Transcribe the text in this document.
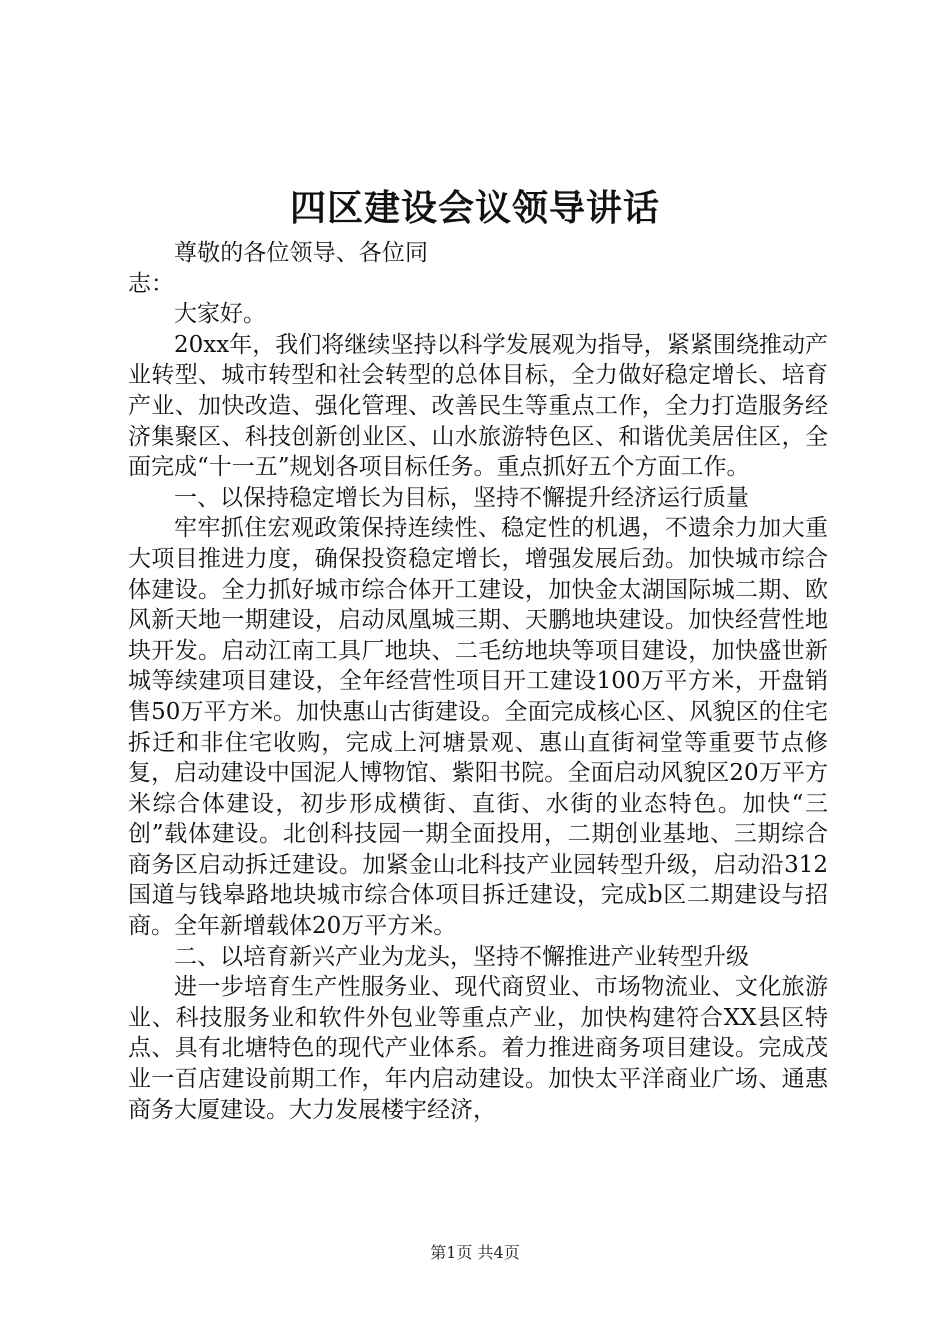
四区建设会议领导讲话

尊敬的各位领导、各位同志：

大家好。

20xx年，我们将继续坚持以科学发展观为指导，紧紧围绕推动产业转型、城市转型和社会转型的总体目标，全力做好稳定增长、培育产业、加快改造、强化管理、改善民生等重点工作，全力打造服务经济集聚区、科技创新创业区、山水旅游特色区、和谐优美居住区，全面完成“十一五”规划各项目标任务。重点抓好五个方面工作。

一、以保持稳定增长为目标，坚持不懈提升经济运行质量

牢牢抓住宏观政策保持连续性、稳定性的机遇，不遗余力加大重大项目推进力度，确保投资稳定增长，增强发展后劲。加快城市综合体建设。全力抓好城市综合体开工建设，加快金太湖国际城二期、欧风新天地一期建设，启动凤凰城三期、天鹏地块建设。加快经营性地块开发。启动江南工具厂地块、二毛纺地块等项目建设，加快盛世新城等续建项目建设，全年经营性项目开工建设100万平方米，开盘销售50万平方米。加快惠山古街建设。全面完成核心区、风貌区的住宅拆迁和非住宅收购，完成上河塘景观、惠山直街祠堂等重要节点修复，启动建设中国泥人博物馆、紫阳书院。全面启动风貌区20万平方米综合体建设，初步形成横街、直街、水街的业态特色。加快“三创”载体建设。北创科技园一期全面投用，二期创业基地、三期综合商务区启动拆迁建设。加紧金山北科技产业园转型升级，启动沿312国道与钱皋路地块城市综合体项目拆迁建设，完成b区二期建设与招商。全年新增载体20万平方米。

二、以培育新兴产业为龙头，坚持不懈推进产业转型升级

进一步培育生产性服务业、现代商贸业、市场物流业、文化旅游业、科技服务业和软件外包业等重点产业，加快构建符合XX县区特点、具有北塘特色的现代产业体系。着力推进商务项目建设。完成茂业一百店建设前期工作，年内启动建设。加快太平洋商业广场、通惠商务大厦建设。大力发展楼宇经济，

第1页 共4页
